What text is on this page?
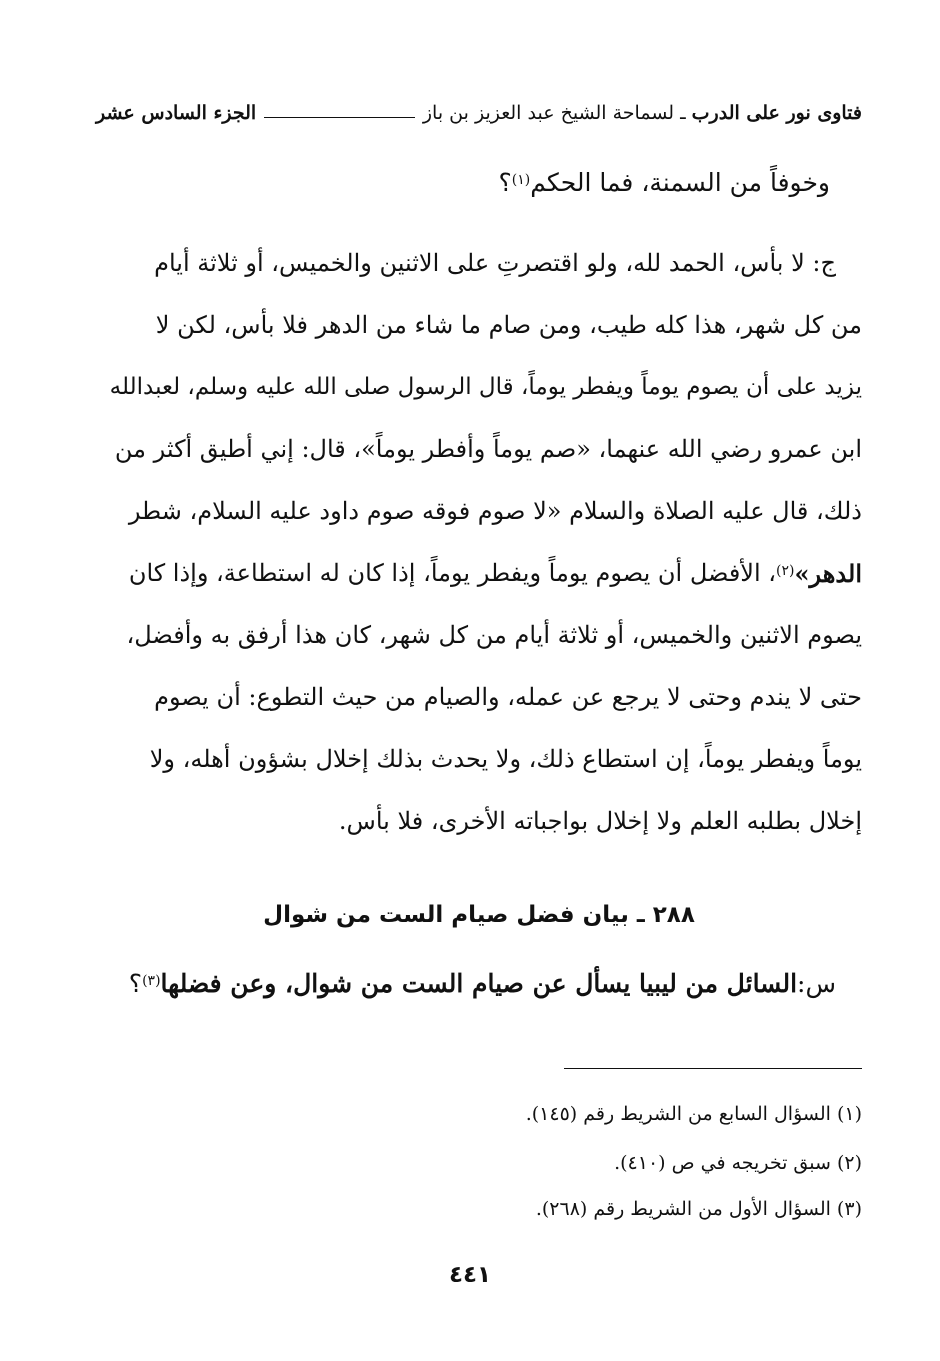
فتاوى نور على الدرب
ـ
لسماحة الشيخ عبد العزيز بن باز
الجزء السادس عشر
وخوفاً من السمنة، فما الحكم
$^{(١)}$
؟
ج: لا بأس، الحمد لله، ولو اقتصرتِ على الاثنين والخميس، أو ثلاثة أيام
من كل شهر، هذا كله طيب، ومن صام ما شاء من الدهر فلا بأس، لكن لا
يزيد على أن يصوم يوماً ويفطر يوماً، قال الرسول صلى الله عليه وسلم، لعبدالله
ابن عمرو رضي الله عنهما، «صم يوماً وأفطر يوماً»، قال: إني أطيق أكثر من
ذلك، قال عليه الصلاة والسلام «لا صوم فوقه صوم داود عليه السلام، شطر
الدهر»
$^{(٢)}$
، الأفضل أن يصوم يوماً ويفطر يوماً، إذا كان له استطاعة، وإذا كان
يصوم الاثنين والخميس، أو ثلاثة أيام من كل شهر، كان هذا أرفق به وأفضل،
حتى لا يندم وحتى لا يرجع عن عمله، والصيام من حيث التطوع: أن يصوم
يوماً ويفطر يوماً، إن استطاع ذلك، ولا يحدث بذلك إخلال بشؤون أهله، ولا
إخلال بطلبه العلم ولا إخلال بواجباته الأخرى، فلا بأس.
٢٨٨ ـ بيان فضل صيام الست من شوال
س:
السائل من ليبيا يسأل عن صيام الست من شوال، وعن فضلها
$^{(٣)}$
؟
(١) السؤال السابع من الشريط رقم (١٤٥).
(٢) سبق تخريجه في ص (٤١٠).
(٣) السؤال الأول من الشريط رقم (٢٦٨).
٤٤١
